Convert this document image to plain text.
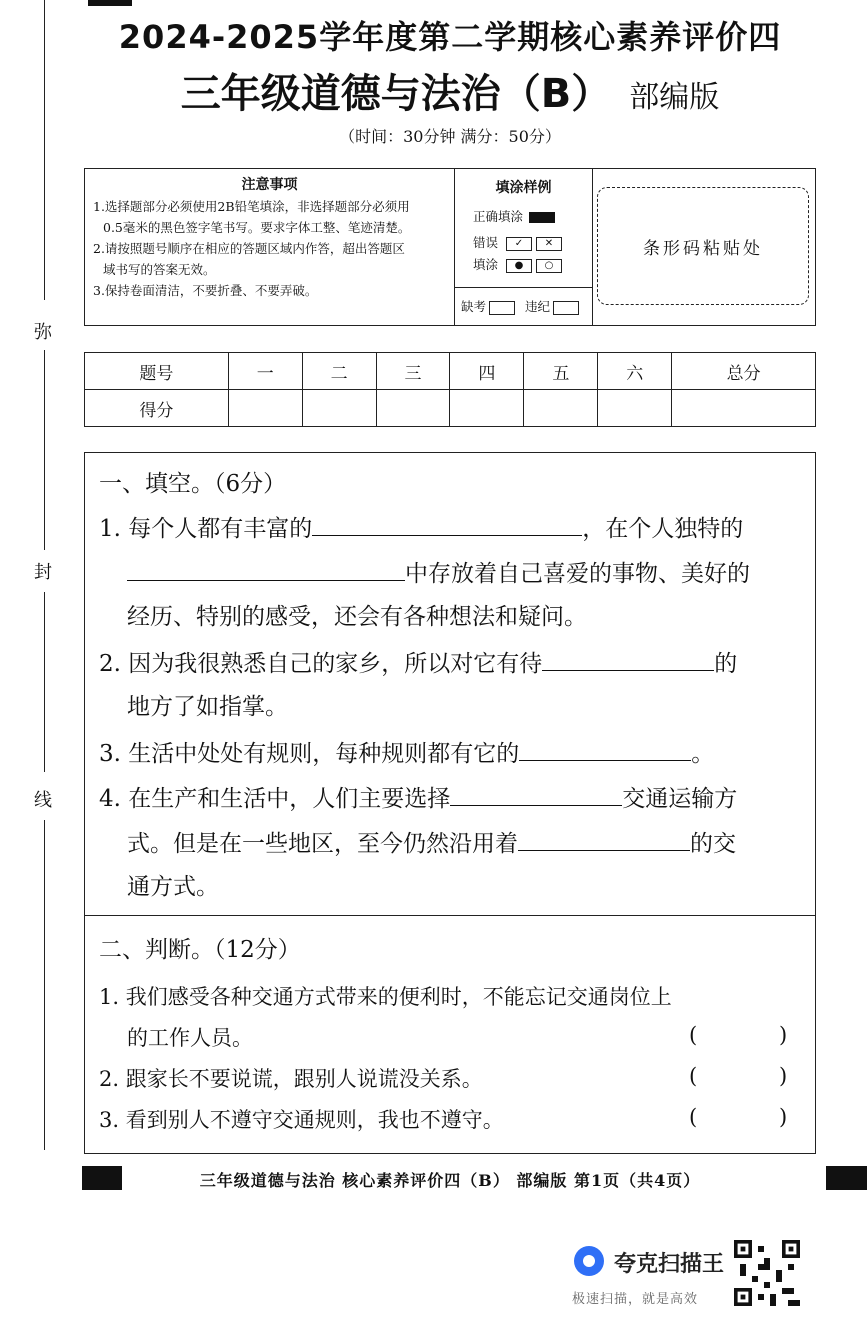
弥
封
线
2024-2025学年度第二学期核心素养评价四
三年级道德与法治（B） 部编版
（时间：30分钟 满分：50分）
注意事项

1.选择题部分必须使用2B铅笔填涂，非选择题部分必须用

0.5毫米的黑色签字笔书写。要求字体工整、笔迹清楚。

2.请按照题号顺序在相应的答题区域内作答，超出答题区

域书写的答案无效。

3.保持卷面清洁，不要折叠、不要弄破。

填涂样例
正确填涂
错误 ✓ ✕
填涂 ● ○
缺考	违纪
条形码粘贴处
题号	一	二	三	四	五	六	总分
得分							
一、填空。（6分）
1. 每个人都有丰富的	，在个人独特的
中存放着自己喜爱的事物、美好的
经历、特别的感受，还会有各种想法和疑问。
2. 因为我很熟悉自己的家乡，所以对它有待	的
地方了如指掌。
3. 生活中处处有规则，每种规则都有它的	。
4. 在生产和生活中，人们主要选择	交通运输方
式。但是在一些地区，至今仍然沿用着	的交
通方式。
二、判断。（12分）
1. 我们感受各种交通方式带来的便利时，不能忘记交通岗位上
的工作人员。	(	)
2. 跟家长不要说谎，跟别人说谎没关系。	(	)
3. 看到别人不遵守交通规则，我也不遵守。	(	)
三年级道德与法治 核心素养评价四（B） 部编版 第1页（共4页）
夸克扫描王
极速扫描，就是高效
